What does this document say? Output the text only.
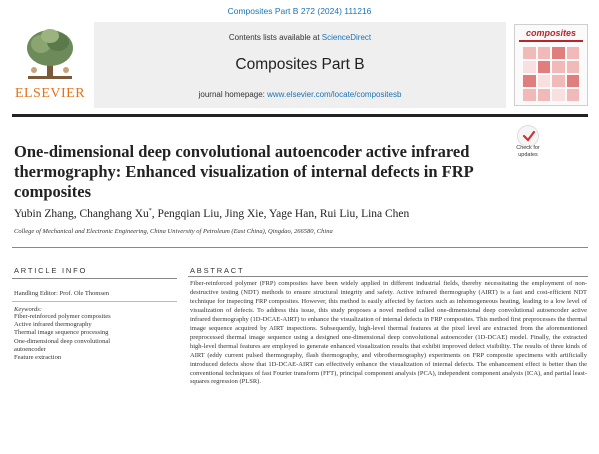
Composites Part B 272 (2024) 111216
ELSEVIER
Contents lists available at ScienceDirect
Composites Part B
journal homepage: www.elsevier.com/locate/compositesb
composites
One-dimensional deep convolutional autoencoder active infrared thermography: Enhanced visualization of internal defects in FRP composites
Check for
updates
Yubin Zhang, Changhang Xu*, Pengqian Liu, Jing Xie, Yage Han, Rui Liu, Lina Chen
College of Mechanical and Electronic Engineering, China University of Petroleum (East China), Qingdao, 266580, China
ARTICLE INFO
Handling Editor: Prof. Ole Thomsen
Keywords:
Fiber-reinforced polymer composites
Active infrared thermography
Thermal image sequence processing
One-dimensional deep convolutional
autoencoder
Feature extraction
ABSTRACT

Fiber-reinforced polymer (FRP) composites have been widely applied in different industrial fields, thereby necessitating the employment of non-destructive testing (NDT) methods to ensure structural integrity and safety. Active infrared thermography (AIRT) is a fast and cost-efficient NDT technique for inspecting FRP composites. However, this method is easily affected by factors such as inhomogeneous heating, leading to a low level of visualization of defects. To address this issue, this study proposes a novel method called one-dimensional deep convolutional autoencoder active infrared thermography (1D-DCAE-AIRT) to enhance the visualization of internal defects in FRP composites. This method first preprocesses the thermal image sequence acquired by AIRT inspections. Subsequently, high-level thermal features at the pixel level are extracted from the aforementioned preprocessed thermal image sequence using a designed one-dimensional deep convolutional autoencoder (1D-DCAE) model. Finally, the extracted high-level thermal features are employed to generate enhanced visualization results that exhibit improved defect visibility. The results of three kinds of AIRT (eddy current pulsed thermography, flash thermography, and vibrothermography) experiments on FRP composite specimens with artificially introduced defects show that 1D-DCAE-AIRT can effectively enhance the visualization of internal defects. The enhancement effect is better than the conventional techniques of fast Fourier transform (FFT), principal component analysis (PCA), independent component analysis (ICA), and partial least-squares regression (PLSR).
